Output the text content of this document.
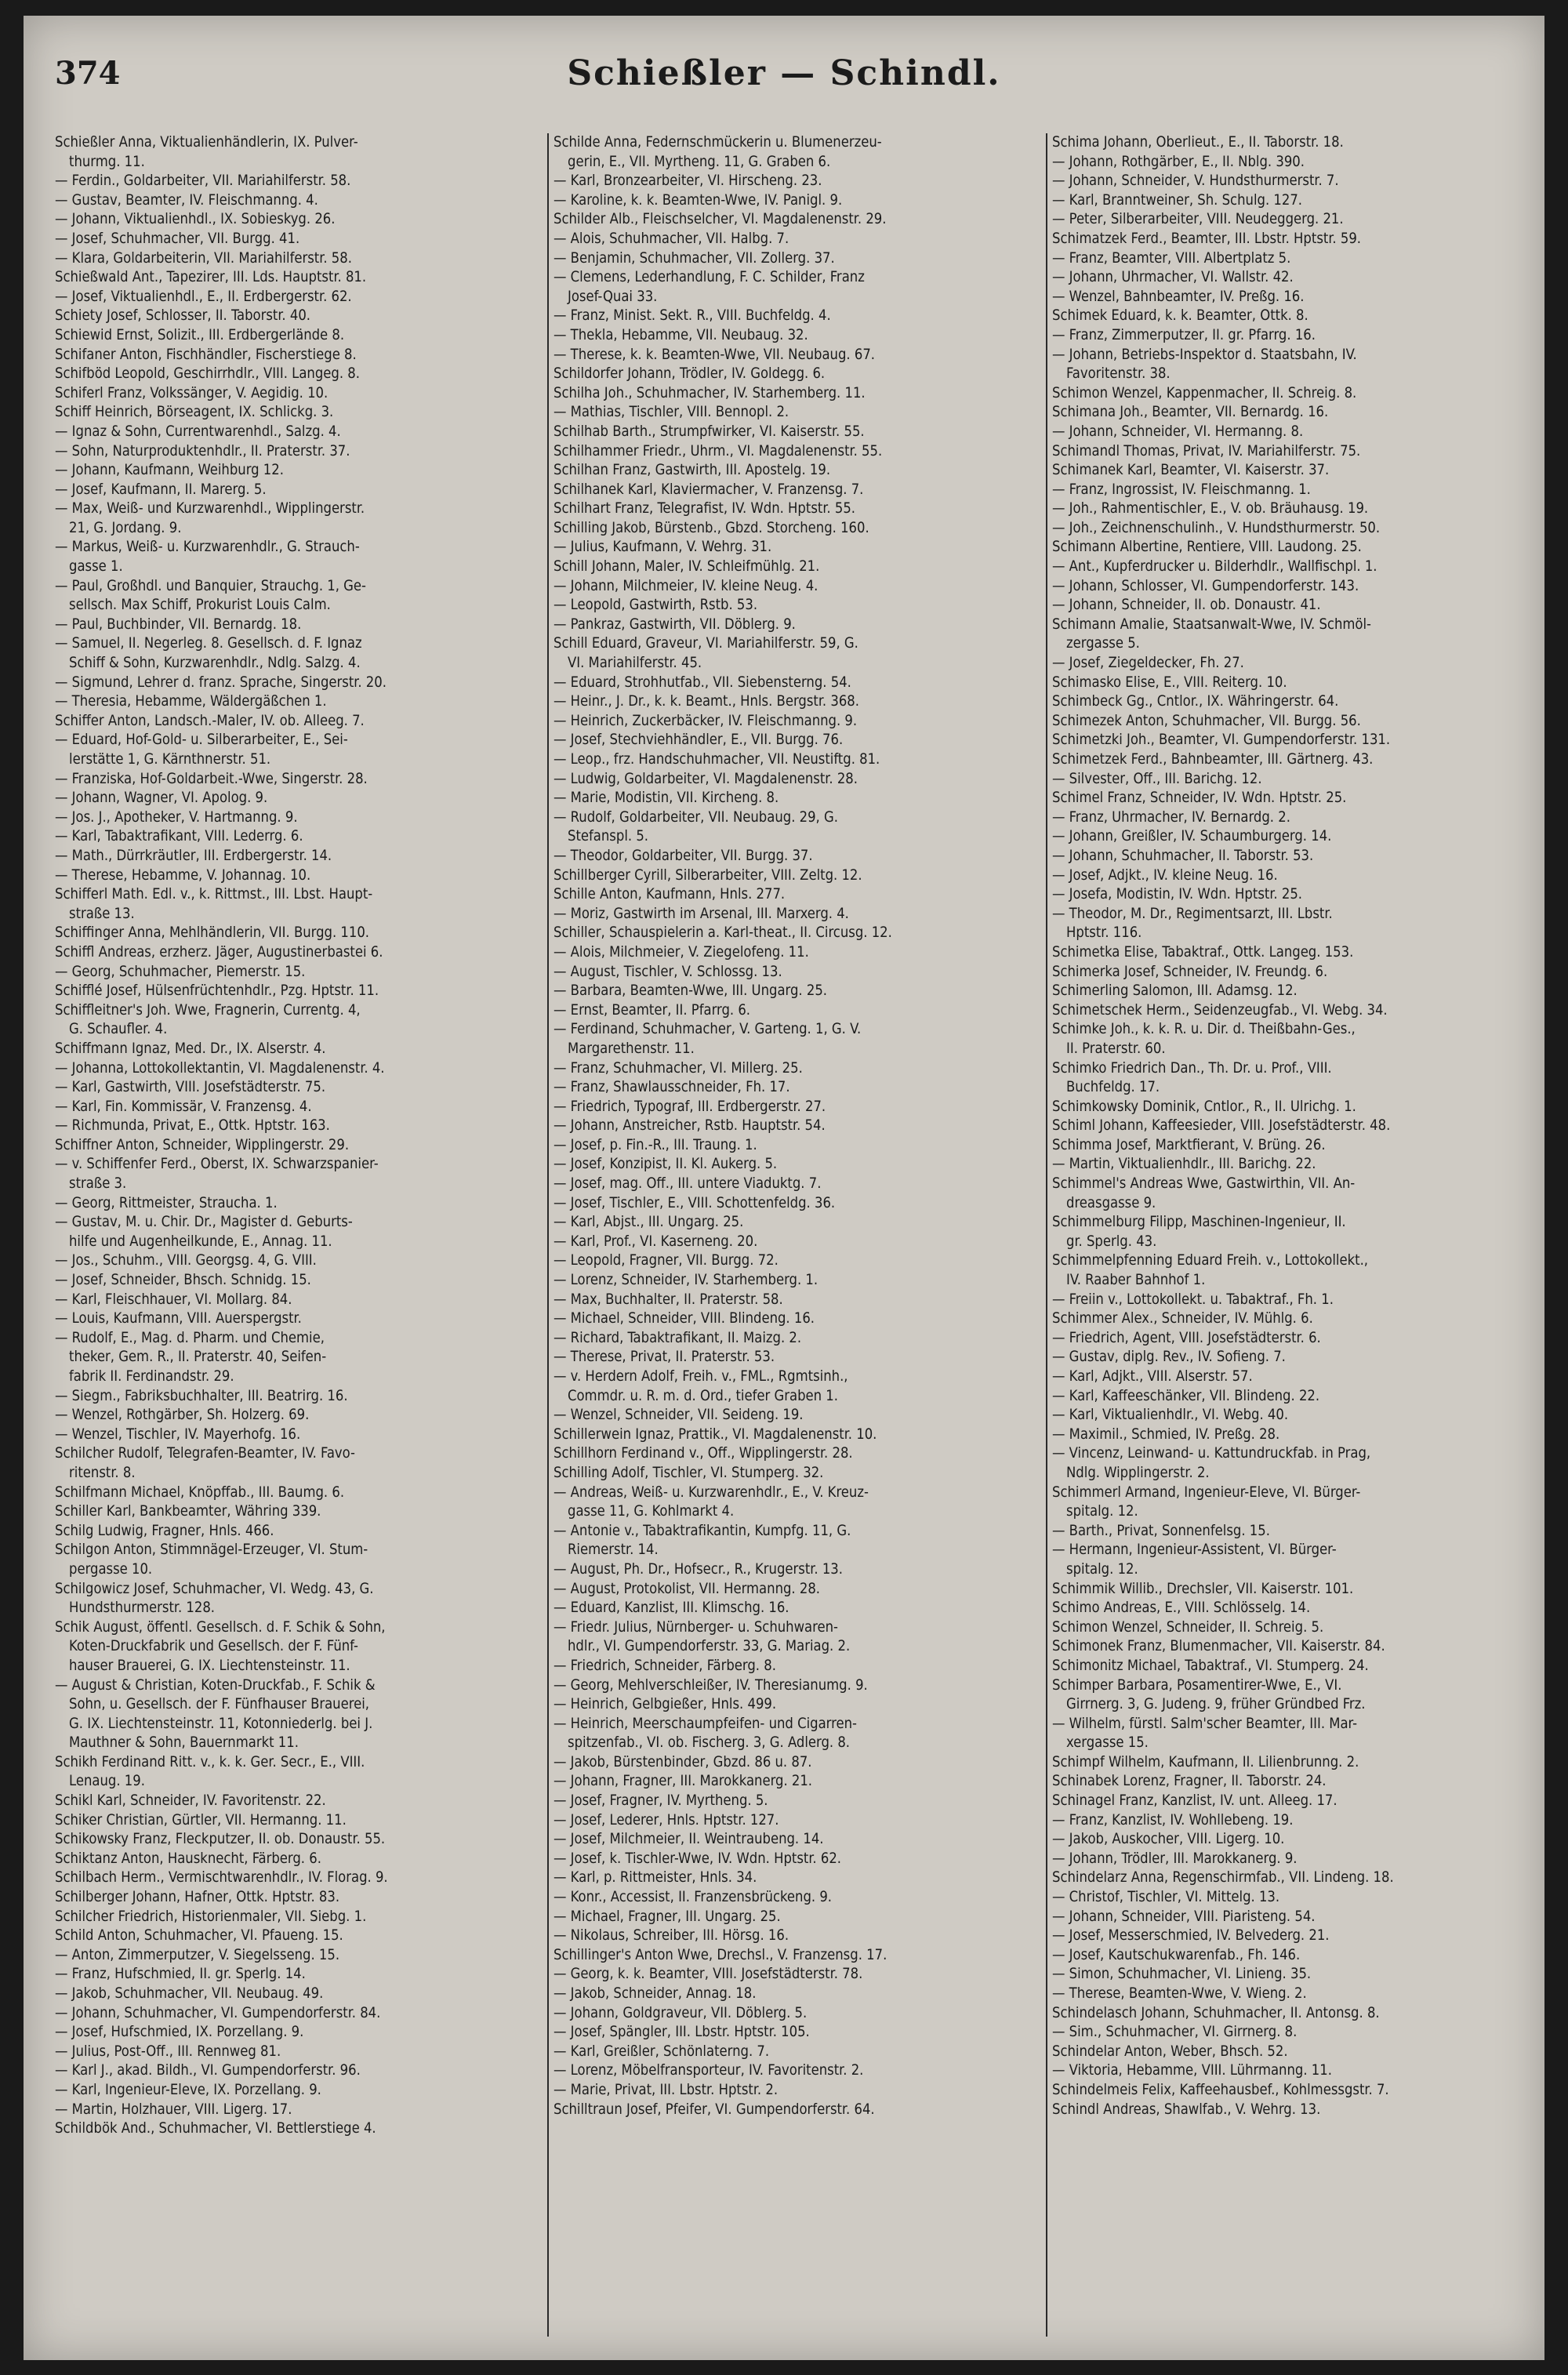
374	Schießler — Schindl.
Schießler Anna, Viktualienhändlerin, IX. Pulver-
thurmg. 11.
— Ferdin., Goldarbeiter, VII. Mariahilferstr. 58.
— Gustav, Beamter, IV. Fleischmanng. 4.
— Johann, Viktualienhdl., IX. Sobieskyg. 26.
— Josef, Schuhmacher, VII. Burgg. 41.
— Klara, Goldarbeiterin, VII. Mariahilferstr. 58.
Schießwald Ant., Tapezirer, III. Lds. Hauptstr. 81.
— Josef, Viktualienhdl., E., II. Erdbergerstr. 62.
Schiety Josef, Schlosser, II. Taborstr. 40.
Schiewid Ernst, Solizit., III. Erdbergerlände 8.
Schifaner Anton, Fischhändler, Fischerstiege 8.
Schifböd Leopold, Geschirrhdlr., VIII. Langeg. 8.
Schiferl Franz, Volkssänger, V. Aegidig. 10.
Schiff Heinrich, Börseagent, IX. Schlickg. 3.
— Ignaz & Sohn, Currentwarenhdl., Salzg. 4.
— Sohn, Naturproduktenhdlr., II. Praterstr. 37.
— Johann, Kaufmann, Weihburg 12.
— Josef, Kaufmann, II. Marerg. 5.
— Max, Weiß- und Kurzwarenhdl., Wipplingerstr.
21, G. Jordang. 9.
— Markus, Weiß- u. Kurzwarenhdlr., G. Strauch-
gasse 1.
— Paul, Großhdl. und Banquier, Strauchg. 1, Ge-
sellsch. Max Schiff, Prokurist Louis Calm.
— Paul, Buchbinder, VII. Bernardg. 18.
— Samuel, II. Negerleg. 8. Gesellsch. d. F. Ignaz
Schiff & Sohn, Kurzwarenhdlr., Ndlg. Salzg. 4.
— Sigmund, Lehrer d. franz. Sprache, Singerstr. 20.
— Theresia, Hebamme, Wäldergäßchen 1.
Schiffer Anton, Landsch.-Maler, IV. ob. Alleeg. 7.
— Eduard, Hof-Gold- u. Silberarbeiter, E., Sei-
lerstätte 1, G. Kärnthnerstr. 51.
— Franziska, Hof-Goldarbeit.-Wwe, Singerstr. 28.
— Johann, Wagner, VI. Apolog. 9.
— Jos. J., Apotheker, V. Hartmanng. 9.
— Karl, Tabaktrafikant, VIII. Lederrg. 6.
— Math., Dürrkräutler, III. Erdbergerstr. 14.
— Therese, Hebamme, V. Johannag. 10.
Schifferl Math. Edl. v., k. Rittmst., III. Lbst. Haupt-
straße 13.
Schiffinger Anna, Mehlhändlerin, VII. Burgg. 110.
Schiffl Andreas, erzherz. Jäger, Augustinerbastei 6.
— Georg, Schuhmacher, Piemerstr. 15.
Schifflé Josef, Hülsenfrüchtenhdlr., Pzg. Hptstr. 11.
Schiffleitner's Joh. Wwe, Fragnerin, Currentg. 4,
G. Schaufler. 4.
Schiffmann Ignaz, Med. Dr., IX. Alserstr. 4.
— Johanna, Lottokollektantin, VI. Magdalenenstr. 4.
— Karl, Gastwirth, VIII. Josefstädterstr. 75.
— Karl, Fin. Kommissär, V. Franzensg. 4.
— Richmunda, Privat, E., Ottk. Hptstr. 163.
Schiffner Anton, Schneider, Wipplingerstr. 29.
— v. Schiffenfer Ferd., Oberst, IX. Schwarzspanier-
straße 3.
— Georg, Rittmeister, Straucha. 1.
— Gustav, M. u. Chir. Dr., Magister d. Geburts-
hilfe und Augenheilkunde, E., Annag. 11.
— Jos., Schuhm., VIII. Georgsg. 4, G. VIII.
— Josef, Schneider, Bhsch. Schnidg. 15.
— Karl, Fleischhauer, VI. Mollarg. 84.
— Louis, Kaufmann, VIII. Auerspergstr.
— Rudolf, E., Mag. d. Pharm. und Chemie,
theker, Gem. R., II. Praterstr. 40, Seifen-
fabrik II. Ferdinandstr. 29.
— Siegm., Fabriksbuchhalter, III. Beatrirg. 16.
— Wenzel, Rothgärber, Sh. Holzerg. 69.
— Wenzel, Tischler, IV. Mayerhofg. 16.
Schilcher Rudolf, Telegrafen-Beamter, IV. Favo-
ritenstr. 8.
Schilfmann Michael, Knöpffab., III. Baumg. 6.
Schiller Karl, Bankbeamter, Währing 339.
Schilg Ludwig, Fragner, Hnls. 466.
Schilgon Anton, Stimmnägel-Erzeuger, VI. Stum-
pergasse 10.
Schilgowicz Josef, Schuhmacher, VI. Wedg. 43, G.
Hundsthurmerstr. 128.
Schik August, öffentl. Gesellsch. d. F. Schik & Sohn,
Koten-Druckfabrik und Gesellsch. der F. Fünf-
hauser Brauerei, G. IX. Liechtensteinstr. 11.
— August & Christian, Koten-Druckfab., F. Schik &
Sohn, u. Gesellsch. der F. Fünfhauser Brauerei,
G. IX. Liechtensteinstr. 11, Kotonniederlg. bei J.
Mauthner & Sohn, Bauernmarkt 11.
Schikh Ferdinand Ritt. v., k. k. Ger. Secr., E., VIII.
Lenaug. 19.
Schikl Karl, Schneider, IV. Favoritenstr. 22.
Schiker Christian, Gürtler, VII. Hermanng. 11.
Schikowsky Franz, Fleckputzer, II. ob. Donaustr. 55.
Schiktanz Anton, Hausknecht, Färberg. 6.
Schilbach Herm., Vermischtwarenhdlr., IV. Florag. 9.
Schilberger Johann, Hafner, Ottk. Hptstr. 83.
Schilcher Friedrich, Historienmaler, VII. Siebg. 1.
Schild Anton, Schuhmacher, VI. Pfaueng. 15.
— Anton, Zimmerputzer, V. Siegelsseng. 15.
— Franz, Hufschmied, II. gr. Sperlg. 14.
— Jakob, Schuhmacher, VII. Neubaug. 49.
— Johann, Schuhmacher, VI. Gumpendorferstr. 84.
— Josef, Hufschmied, IX. Porzellang. 9.
— Julius, Post-Off., III. Rennweg 81.
— Karl J., akad. Bildh., VI. Gumpendorferstr. 96.
— Karl, Ingenieur-Eleve, IX. Porzellang. 9.
— Martin, Holzhauer, VIII. Ligerg. 17.
Schildbök And., Schuhmacher, VI. Bettlerstiege 4.
Schilde Anna, Federnschmückerin u. Blumenerzeu-
gerin, E., VII. Myrtheng. 11, G. Graben 6.
— Karl, Bronzearbeiter, VI. Hirscheng. 23.
— Karoline, k. k. Beamten-Wwe, IV. Panigl. 9.
Schilder Alb., Fleischselcher, VI. Magdalenenstr. 29.
— Alois, Schuhmacher, VII. Halbg. 7.
— Benjamin, Schuhmacher, VII. Zollerg. 37.
— Clemens, Lederhandlung, F. C. Schilder, Franz
Josef-Quai 33.
— Franz, Minist. Sekt. R., VIII. Buchfeldg. 4.
— Thekla, Hebamme, VII. Neubaug. 32.
— Therese, k. k. Beamten-Wwe, VII. Neubaug. 67.
Schildorfer Johann, Trödler, IV. Goldegg. 6.
Schilha Joh., Schuhmacher, IV. Starhemberg. 11.
— Mathias, Tischler, VIII. Bennopl. 2.
Schilhab Barth., Strumpfwirker, VI. Kaiserstr. 55.
Schilhammer Friedr., Uhrm., VI. Magdalenenstr. 55.
Schilhan Franz, Gastwirth, III. Apostelg. 19.
Schilhanek Karl, Klaviermacher, V. Franzensg. 7.
Schilhart Franz, Telegrafist, IV. Wdn. Hptstr. 55.
Schilling Jakob, Bürstenb., Gbzd. Storcheng. 160.
— Julius, Kaufmann, V. Wehrg. 31.
Schill Johann, Maler, IV. Schleifmühlg. 21.
— Johann, Milchmeier, IV. kleine Neug. 4.
— Leopold, Gastwirth, Rstb. 53.
— Pankraz, Gastwirth, VII. Döblerg. 9.
Schill Eduard, Graveur, VI. Mariahilferstr. 59, G.
VI. Mariahilferstr. 45.
— Eduard, Strohhutfab., VII. Siebensterng. 54.
— Heinr., J. Dr., k. k. Beamt., Hnls. Bergstr. 368.
— Heinrich, Zuckerbäcker, IV. Fleischmanng. 9.
— Josef, Stechviehhändler, E., VII. Burgg. 76.
— Leop., frz. Handschuhmacher, VII. Neustiftg. 81.
— Ludwig, Goldarbeiter, VI. Magdalenenstr. 28.
— Marie, Modistin, VII. Kircheng. 8.
— Rudolf, Goldarbeiter, VII. Neubaug. 29, G.
Stefanspl. 5.
— Theodor, Goldarbeiter, VII. Burgg. 37.
Schillberger Cyrill, Silberarbeiter, VIII. Zeltg. 12.
Schille Anton, Kaufmann, Hnls. 277.
— Moriz, Gastwirth im Arsenal, III. Marxerg. 4.
Schiller, Schauspielerin a. Karl-theat., II. Circusg. 12.
— Alois, Milchmeier, V. Ziegelofeng. 11.
— August, Tischler, V. Schlossg. 13.
— Barbara, Beamten-Wwe, III. Ungarg. 25.
— Ernst, Beamter, II. Pfarrg. 6.
— Ferdinand, Schuhmacher, V. Garteng. 1, G. V.
Margarethenstr. 11.
— Franz, Schuhmacher, VI. Millerg. 25.
— Franz, Shawlausschneider, Fh. 17.
— Friedrich, Typograf, III. Erdbergerstr. 27.
— Johann, Anstreicher, Rstb. Hauptstr. 54.
— Josef, p. Fin.-R., III. Traung. 1.
— Josef, Konzipist, II. Kl. Aukerg. 5.
— Josef, mag. Off., III. untere Viaduktg. 7.
— Josef, Tischler, E., VIII. Schottenfeldg. 36.
— Karl, Abjst., III. Ungarg. 25.
— Karl, Prof., VI. Kaserneng. 20.
— Leopold, Fragner, VII. Burgg. 72.
— Lorenz, Schneider, IV. Starhemberg. 1.
— Max, Buchhalter, II. Praterstr. 58.
— Michael, Schneider, VIII. Blindeng. 16.
— Richard, Tabaktrafikant, II. Maizg. 2.
— Therese, Privat, II. Praterstr. 53.
— v. Herdern Adolf, Freih. v., FML., Rgmtsinh.,
Commdr. u. R. m. d. Ord., tiefer Graben 1.
— Wenzel, Schneider, VII. Seideng. 19.
Schillerwein Ignaz, Prattik., VI. Magdalenenstr. 10.
Schillhorn Ferdinand v., Off., Wipplingerstr. 28.
Schilling Adolf, Tischler, VI. Stumperg. 32.
— Andreas, Weiß- u. Kurzwarenhdlr., E., V. Kreuz-
gasse 11, G. Kohlmarkt 4.
— Antonie v., Tabaktrafikantin, Kumpfg. 11, G.
Riemerstr. 14.
— August, Ph. Dr., Hofsecr., R., Krugerstr. 13.
— August, Protokolist, VII. Hermanng. 28.
— Eduard, Kanzlist, III. Klimschg. 16.
— Friedr. Julius, Nürnberger- u. Schuhwaren-
hdlr., VI. Gumpendorferstr. 33, G. Mariag. 2.
— Friedrich, Schneider, Färberg. 8.
— Georg, Mehlverschleißer, IV. Theresianumg. 9.
— Heinrich, Gelbgießer, Hnls. 499.
— Heinrich, Meerschaumpfeifen- und Cigarren-
spitzenfab., VI. ob. Fischerg. 3, G. Adlerg. 8.
— Jakob, Bürstenbinder, Gbzd. 86 u. 87.
— Johann, Fragner, III. Marokkanerg. 21.
— Josef, Fragner, IV. Myrtheng. 5.
— Josef, Lederer, Hnls. Hptstr. 127.
— Josef, Milchmeier, II. Weintraubeng. 14.
— Josef, k. Tischler-Wwe, IV. Wdn. Hptstr. 62.
— Karl, p. Rittmeister, Hnls. 34.
— Konr., Accessist, II. Franzensbrückeng. 9.
— Michael, Fragner, III. Ungarg. 25.
— Nikolaus, Schreiber, III. Hörsg. 16.
Schillinger's Anton Wwe, Drechsl., V. Franzensg. 17.
— Georg, k. k. Beamter, VIII. Josefstädterstr. 78.
— Jakob, Schneider, Annag. 18.
— Johann, Goldgraveur, VII. Döblerg. 5.
— Josef, Spängler, III. Lbstr. Hptstr. 105.
— Karl, Greißler, Schönlaterng. 7.
— Lorenz, Möbelfransporteur, IV. Favoritenstr. 2.
— Marie, Privat, III. Lbstr. Hptstr. 2.
Schilltraun Josef, Pfeifer, VI. Gumpendorferstr. 64.
Schima Johann, Oberlieut., E., II. Taborstr. 18.
— Johann, Rothgärber, E., II. Nblg. 390.
— Johann, Schneider, V. Hundsthurmerstr. 7.
— Karl, Branntweiner, Sh. Schulg. 127.
— Peter, Silberarbeiter, VIII. Neudeggerg. 21.
Schimatzek Ferd., Beamter, III. Lbstr. Hptstr. 59.
— Franz, Beamter, VIII. Albertplatz 5.
— Johann, Uhrmacher, VI. Wallstr. 42.
— Wenzel, Bahnbeamter, IV. Preßg. 16.
Schimek Eduard, k. k. Beamter, Ottk. 8.
— Franz, Zimmerputzer, II. gr. Pfarrg. 16.
— Johann, Betriebs-Inspektor d. Staatsbahn, IV.
Favoritenstr. 38.
Schimon Wenzel, Kappenmacher, II. Schreig. 8.
Schimana Joh., Beamter, VII. Bernardg. 16.
— Johann, Schneider, VI. Hermanng. 8.
Schimandl Thomas, Privat, IV. Mariahilferstr. 75.
Schimanek Karl, Beamter, VI. Kaiserstr. 37.
— Franz, Ingrossist, IV. Fleischmanng. 1.
— Joh., Rahmentischler, E., V. ob. Bräuhausg. 19.
— Joh., Zeichnenschulinh., V. Hundsthurmerstr. 50.
Schimann Albertine, Rentiere, VIII. Laudong. 25.
— Ant., Kupferdrucker u. Bilderhdlr., Wallfischpl. 1.
— Johann, Schlosser, VI. Gumpendorferstr. 143.
— Johann, Schneider, II. ob. Donaustr. 41.
Schimann Amalie, Staatsanwalt-Wwe, IV. Schmöl-
zergasse 5.
— Josef, Ziegeldecker, Fh. 27.
Schimasko Elise, E., VIII. Reiterg. 10.
Schimbeck Gg., Cntlor., IX. Währingerstr. 64.
Schimezek Anton, Schuhmacher, VII. Burgg. 56.
Schimetzki Joh., Beamter, VI. Gumpendorferstr. 131.
Schimetzek Ferd., Bahnbeamter, III. Gärtnerg. 43.
— Silvester, Off., III. Barichg. 12.
Schimel Franz, Schneider, IV. Wdn. Hptstr. 25.
— Franz, Uhrmacher, IV. Bernardg. 2.
— Johann, Greißler, IV. Schaumburgerg. 14.
— Johann, Schuhmacher, II. Taborstr. 53.
— Josef, Adjkt., IV. kleine Neug. 16.
— Josefa, Modistin, IV. Wdn. Hptstr. 25.
— Theodor, M. Dr., Regimentsarzt, III. Lbstr.
Hptstr. 116.
Schimetka Elise, Tabaktraf., Ottk. Langeg. 153.
Schimerka Josef, Schneider, IV. Freundg. 6.
Schimerling Salomon, III. Adamsg. 12.
Schimetschek Herm., Seidenzeugfab., VI. Webg. 34.
Schimke Joh., k. k. R. u. Dir. d. Theißbahn-Ges.,
II. Praterstr. 60.
Schimko Friedrich Dan., Th. Dr. u. Prof., VIII.
Buchfeldg. 17.
Schimkowsky Dominik, Cntlor., R., II. Ulrichg. 1.
Schiml Johann, Kaffeesieder, VIII. Josefstädterstr. 48.
Schimma Josef, Marktfierant, V. Brüng. 26.
— Martin, Viktualienhdlr., III. Barichg. 22.
Schimmel's Andreas Wwe, Gastwirthin, VII. An-
dreasgasse 9.
Schimmelburg Filipp, Maschinen-Ingenieur, II.
gr. Sperlg. 43.
Schimmelpfenning Eduard Freih. v., Lottokollekt.,
IV. Raaber Bahnhof 1.
— Freiin v., Lottokollekt. u. Tabaktraf., Fh. 1.
Schimmer Alex., Schneider, IV. Mühlg. 6.
— Friedrich, Agent, VIII. Josefstädterstr. 6.
— Gustav, diplg. Rev., IV. Sofieng. 7.
— Karl, Adjkt., VIII. Alserstr. 57.
— Karl, Kaffeeschänker, VII. Blindeng. 22.
— Karl, Viktualienhdlr., VI. Webg. 40.
— Maximil., Schmied, IV. Preßg. 28.
— Vincenz, Leinwand- u. Kattundruckfab. in Prag,
Ndlg. Wipplingerstr. 2.
Schimmerl Armand, Ingenieur-Eleve, VI. Bürger-
spitalg. 12.
— Barth., Privat, Sonnenfelsg. 15.
— Hermann, Ingenieur-Assistent, VI. Bürger-
spitalg. 12.
Schimmik Willib., Drechsler, VII. Kaiserstr. 101.
Schimo Andreas, E., VIII. Schlösselg. 14.
Schimon Wenzel, Schneider, II. Schreig. 5.
Schimonek Franz, Blumenmacher, VII. Kaiserstr. 84.
Schimonitz Michael, Tabaktraf., VI. Stumperg. 24.
Schimper Barbara, Posamentirer-Wwe, E., VI.
Girrnerg. 3, G. Judeng. 9, früher Gründbed Frz.
— Wilhelm, fürstl. Salm'scher Beamter, III. Mar-
xergasse 15.
Schimpf Wilhelm, Kaufmann, II. Lilienbrunng. 2.
Schinabek Lorenz, Fragner, II. Taborstr. 24.
Schinagel Franz, Kanzlist, IV. unt. Alleeg. 17.
— Franz, Kanzlist, IV. Wohllebeng. 19.
— Jakob, Auskocher, VIII. Ligerg. 10.
— Johann, Trödler, III. Marokkanerg. 9.
Schindelarz Anna, Regenschirmfab., VII. Lindeng. 18.
— Christof, Tischler, VI. Mittelg. 13.
— Johann, Schneider, VIII. Piaristeng. 54.
— Josef, Messerschmied, IV. Belvederg. 21.
— Josef, Kautschukwarenfab., Fh. 146.
— Simon, Schuhmacher, VI. Linieng. 35.
— Therese, Beamten-Wwe, V. Wieng. 2.
Schindelasch Johann, Schuhmacher, II. Antonsg. 8.
— Sim., Schuhmacher, VI. Girrnerg. 8.
Schindelar Anton, Weber, Bhsch. 52.
— Viktoria, Hebamme, VIII. Lührmanng. 11.
Schindelmeis Felix, Kaffeehausbef., Kohlmessgstr. 7.
Schindl Andreas, Shawlfab., V. Wehrg. 13.
